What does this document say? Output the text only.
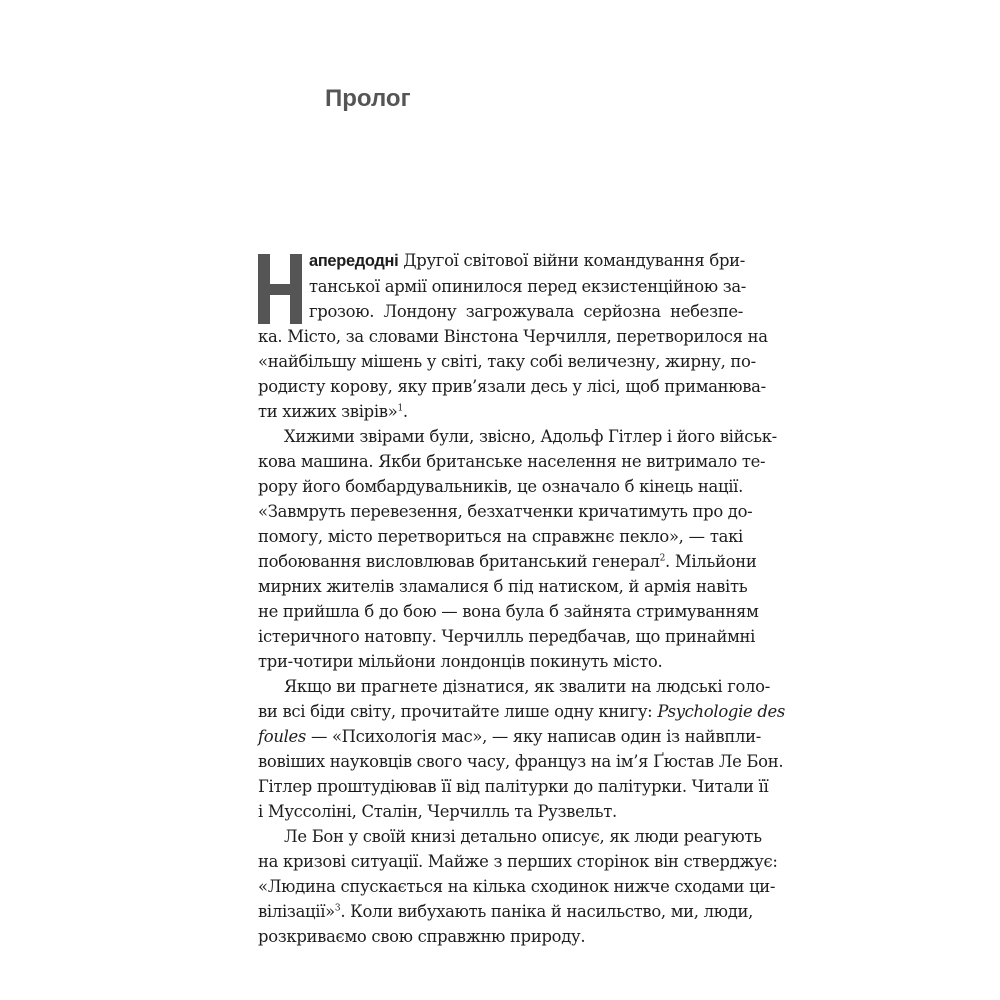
Пролог

апередодні Другої світової війни командування бри-
танської армії опинилося перед екзистенційною за-
грозою. Лондону загрожувала серйозна небезпе-
ка. Місто, за словами Вінстона Черчилля, перетворилося на
«найбільшу мішень у світі, таку собі величезну, жирну, по-
родисту корову, яку прив’язали десь у лісі, щоб приманюва-
ти хижих звірів»$^1$.

Хижими звірами були, звісно, Адольф Гітлер і його військ-
кова машина. Якби британське населення не витримало те-
рору його бомбардувальників, це означало б кінець нації.
«Завмруть перевезення, безхатченки кричатимуть про до-
помогу, місто перетвориться на справжнє пекло», — такі
побоювання висловлював британський генерал$^2$. Мільйони
мирних жителів зламалися б під натиском, й армія навіть
не прийшла б до бою — вона була б зайнята стримуванням
істеричного натовпу. Черчилль передбачав, що принаймні
три-чотири мільйони лондонців покинуть місто.

Якщо ви прагнете дізнатися, як звалити на людські голо-
ви всі біди світу, прочитайте лише одну книгу: Psychologie des
foules — «Психологія мас», — яку написав один із найвпли-
вовіших науковців свого часу, француз на ім’я Ґюстав Ле Бон.
Гітлер проштудіював її від палітурки до палітурки. Читали її
і Муссоліні, Сталін, Черчилль та Рузвельт.

Ле Бон у своїй книзі детально описує, як люди реагують
на кризові ситуації. Майже з перших сторінок він стверджує:
«Людина спускається на кілька сходинок нижче сходами ци-
вілізації»$^3$. Коли вибухають паніка й насильство, ми, люди,
розкриваємо свою справжню природу.
